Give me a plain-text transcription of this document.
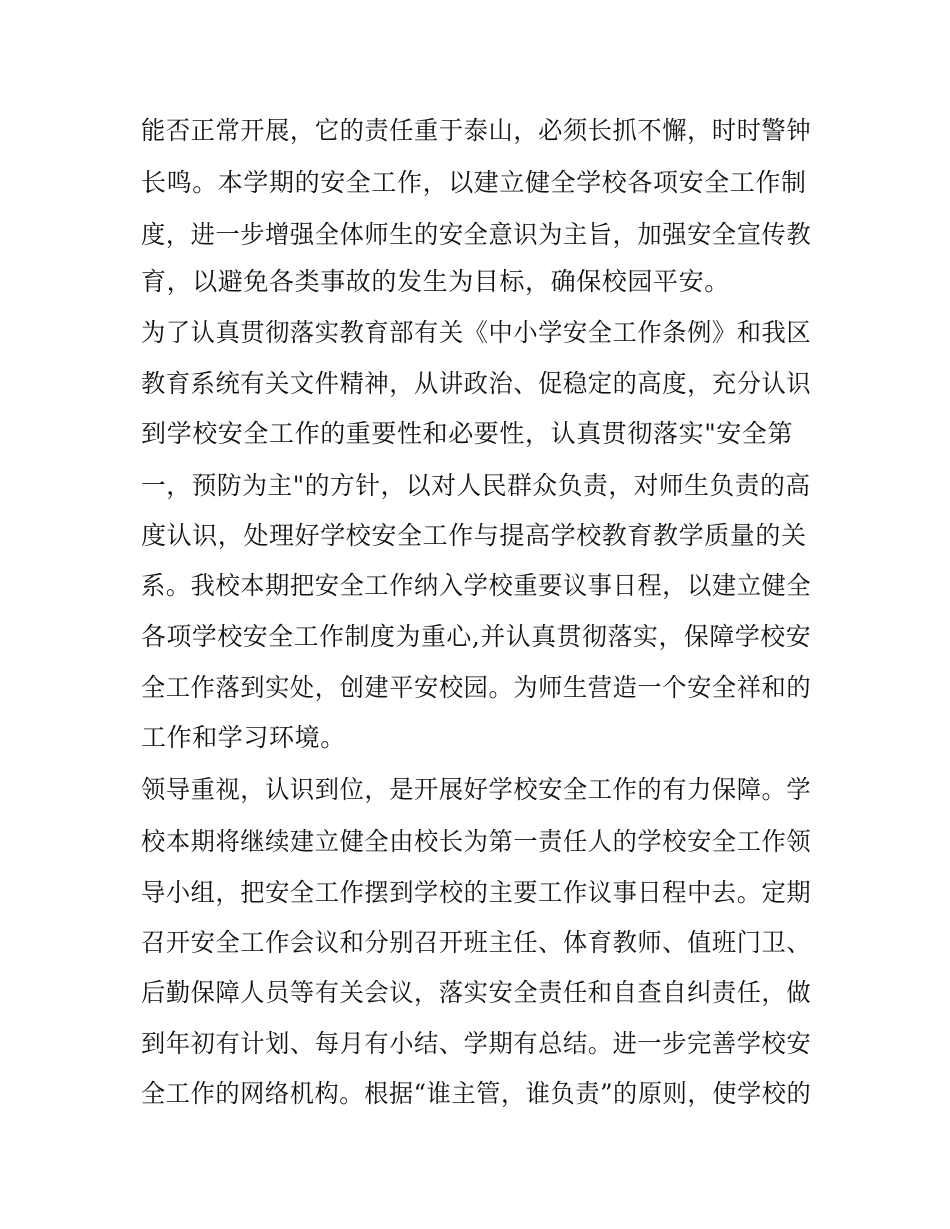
能否正常开展，它的责任重于泰山，必须长抓不懈，时时警钟
长鸣。本学期的安全工作，以建立健全学校各项安全工作制
度，进一步增强全体师生的安全意识为主旨，加强安全宣传教
育，以避免各类事故的发生为目标，确保校园平安。
为了认真贯彻落实教育部有关《中小学安全工作条例》和我区
教育系统有关文件精神，从讲政治、促稳定的高度，充分认识
到学校安全工作的重要性和必要性，认真贯彻落实"安全第
一，预防为主"的方针，以对人民群众负责，对师生负责的高
度认识，处理好学校安全工作与提高学校教育教学质量的关
系。我校本期把安全工作纳入学校重要议事日程，以建立健全
各项学校安全工作制度为重心,并认真贯彻落实，保障学校安
全工作落到实处，创建平安校园。为师生营造一个安全祥和的
工作和学习环境。
领导重视，认识到位，是开展好学校安全工作的有力保障。学
校本期将继续建立健全由校长为第一责任人的学校安全工作领
导小组，把安全工作摆到学校的主要工作议事日程中去。定期
召开安全工作会议和分别召开班主任、体育教师、值班门卫、
后勤保障人员等有关会议，落实安全责任和自查自纠责任，做
到年初有计划、每月有小结、学期有总结。进一步完善学校安
全工作的网络机构。根据“谁主管，谁负责”的原则，使学校的
